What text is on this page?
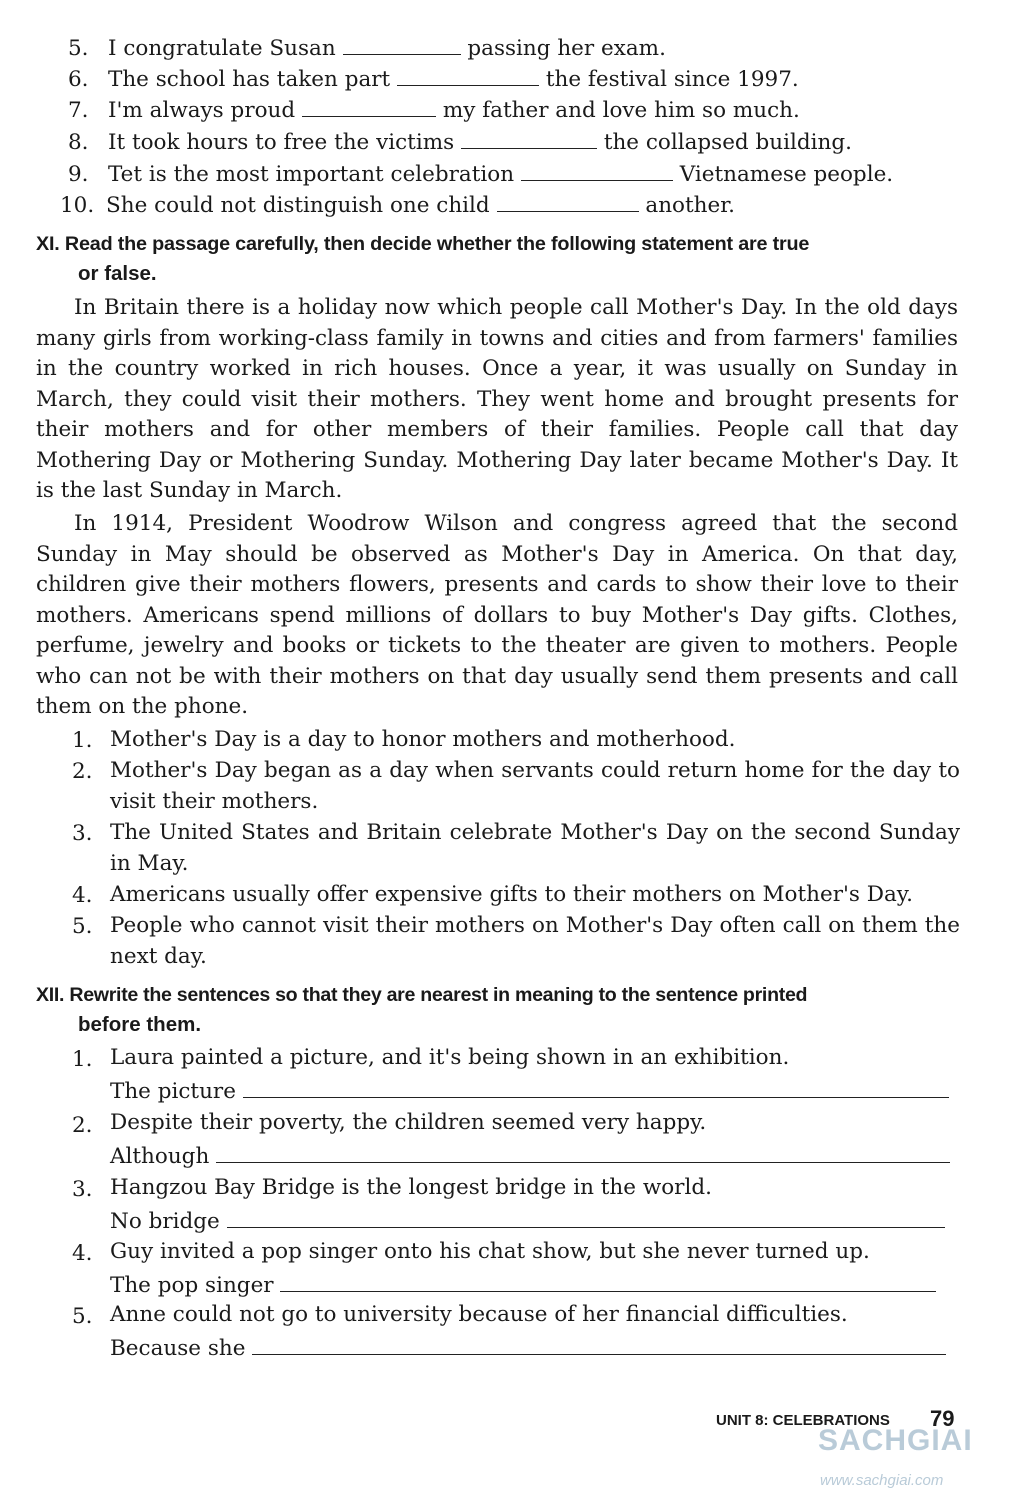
5. I congratulate Susan	passing her exam.
6. The school has taken part	the festival since 1997.
7. I'm always proud	my father and love him so much.
8. It took hours to free the victims	the collapsed building.
9. Tet is the most important celebration	Vietnamese people.
10. She could not distinguish one child	another.
XI. Read the passage carefully, then decide whether the following statement are true
or false.
In Britain there is a holiday now which people call Mother's Day. In the old days many girls from working-class family in towns and cities and from farmers' families in the country worked in rich houses. Once a year, it was usually on Sunday in March, they could visit their mothers. They went home and brought presents for their mothers and for other members of their families. People call that day Mothering Day or Mothering Sunday. Mothering Day later became Mother's Day. It is the last Sunday in March.
In 1914, President Woodrow Wilson and congress agreed that the second Sunday in May should be observed as Mother's Day in America. On that day, children give their mothers flowers, presents and cards to show their love to their mothers. Americans spend millions of dollars to buy Mother's Day gifts. Clothes, perfume, jewelry and books or tickets to the theater are given to mothers. People who can not be with their mothers on that day usually send them presents and call them on the phone.
1. Mother's Day is a day to honor mothers and motherhood.
2. Mother's Day began as a day when servants could return home for the day to visit their mothers.
3. The United States and Britain celebrate Mother's Day on the second Sunday in May.
4. Americans usually offer expensive gifts to their mothers on Mother's Day.
5. People who cannot visit their mothers on Mother's Day often call on them the next day.
XII. Rewrite the sentences so that they are nearest in meaning to the sentence printed
before them.
1. Laura painted a picture, and it's being shown in an exhibition.
The picture
2. Despite their poverty, the children seemed very happy.
Although
3. Hangzou Bay Bridge is the longest bridge in the world.
No bridge
4. Guy invited a pop singer onto his chat show, but she never turned up.
The pop singer
5. Anne could not go to university because of her financial difficulties.
Because she
UNIT 8: CELEBRATIONS 79
SACHGIAI
www.sachgiai.com
